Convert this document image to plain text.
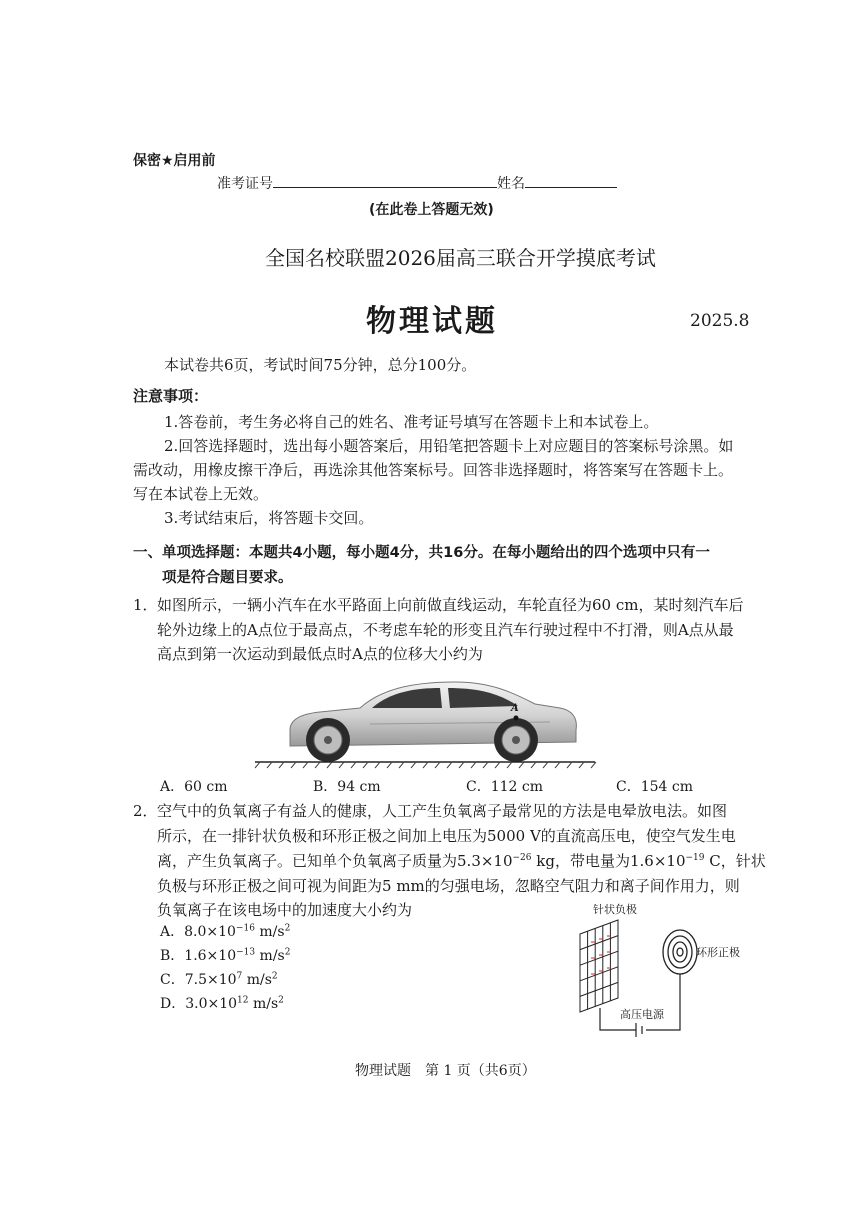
保密★启用前
准考证号	姓名
(在此卷上答题无效)
全国名校联盟2026届高三联合开学摸底考试
物理试题	2025.8
本试卷共6页，考试时间75分钟，总分100分。
注意事项：
1.答卷前，考生务必将自己的姓名、准考证号填写在答题卡上和本试卷上。
2.回答选择题时，选出每小题答案后，用铅笔把答题卡上对应题目的答案标号涂黑。如
需改动，用橡皮擦干净后，再选涂其他答案标号。回答非选择题时，将答案写在答题卡上。
写在本试卷上无效。
3.考试结束后，将答题卡交回。
一、单项选择题：本题共4小题，每小题4分，共16分。在每小题给出的四个选项中只有一
项是符合题目要求。
1． 如图所示，一辆小汽车在水平路面上向前做直线运动，车轮直径为60 cm，某时刻汽车后
轮外边缘上的A点位于最高点，不考虑车轮的形变且汽车行驶过程中不打滑，则A点从最
高点到第一次运动到最低点时A点的位移大小约为
A
A．60 cm	B．94 cm	C．112 cm	C．154 cm
2． 空气中的负氧离子有益人的健康，人工产生负氧离子最常见的方法是电晕放电法。如图
所示，在一排针状负极和环形正极之间加上电压为5000 V的直流高压电，使空气发生电
离，产生负氧离子。已知单个负氧离子质量为$5.3\times 10^{-26}$ kg，带电量为$1.6\times 10^{-19}$ C，针状
负极与环形正极之间可视为间距为5 mm的匀强电场，忽略空气阻力和离子间作用力，则
负氧离子在该电场中的加速度大小约为
A．$8.0\times 10^{-16}$ $m/s^2$
B．$1.6\times 10^{-13}$ $m/s^2$
C．$7.5\times 10^7$ $m/s^2$
D．$3.0\times 10^{12}$ $m/s^2$
针状负极
环形正极
高压电源
物理试题　第 1 页（共6页）
